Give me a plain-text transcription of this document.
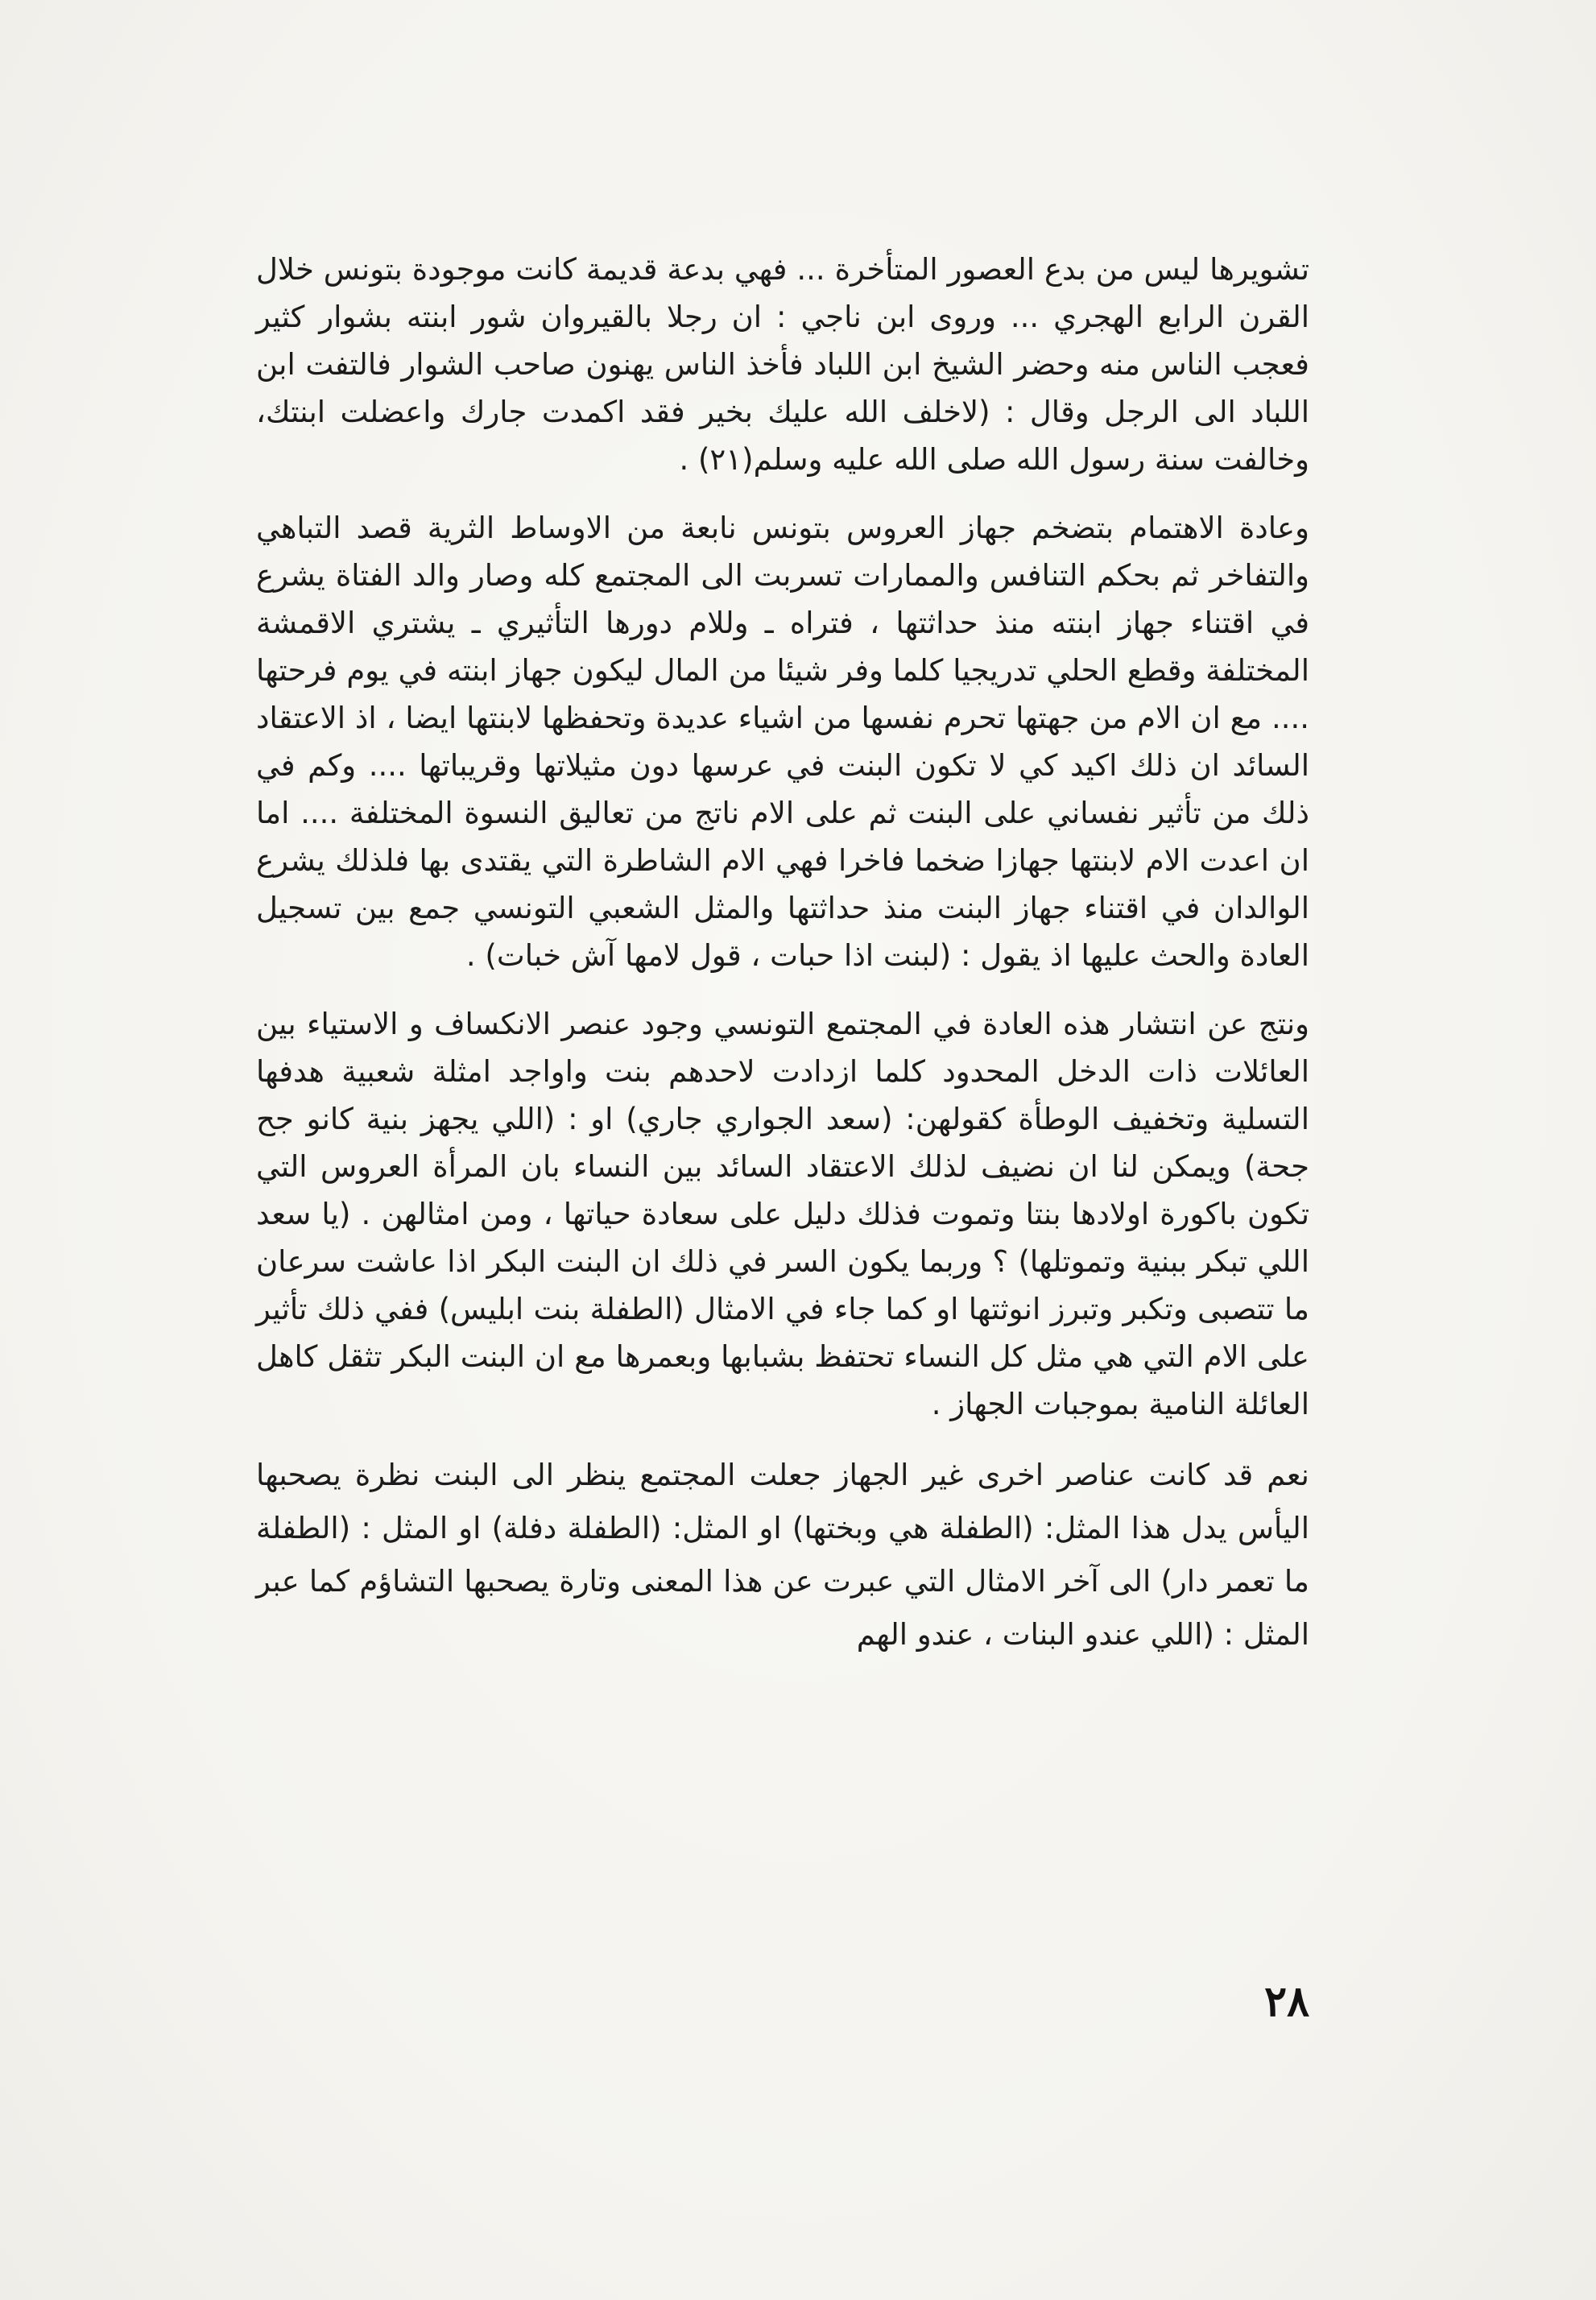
تشويرها ليس من بدع العصور المتأخرة ... فهي بدعة قديمة كانت موجودة بتونس خلال القرن الرابع الهجري ... وروى ابن ناجي : ان رجلا بالقيروان شور ابنته بشوار كثير فعجب الناس منه وحضر الشيخ ابن اللباد فأخذ الناس يهنون صاحب الشوار فالتفت ابن اللباد الى الرجل وقال : (لاخلف الله عليك بخير فقد اكمدت جارك واعضلت ابنتك، وخالفت سنة رسول الله صلى الله عليه وسلم(٢١) .

وعادة الاهتمام بتضخم جهاز العروس بتونس نابعة من الاوساط الثرية قصد التباهي والتفاخر ثم بحكم التنافس والممارات تسربت الى المجتمع كله وصار والد الفتاة يشرع في اقتناء جهاز ابنته منذ حداثتها ، فتراه ـ وللام دورها التأثيري ـ يشتري الاقمشة المختلفة وقطع الحلي تدريجيا كلما وفر شيئا من المال ليكون جهاز ابنته في يوم فرحتها .... مع ان الام من جهتها تحرم نفسها من اشياء عديدة وتحفظها لابنتها ايضا ، اذ الاعتقاد السائد ان ذلك اكيد كي لا تكون البنت في عرسها دون مثيلاتها وقريباتها .... وكم في ذلك من تأثير نفساني على البنت ثم على الام ناتج من تعاليق النسوة المختلفة .... اما ان اعدت الام لابنتها جهازا ضخما فاخرا فهي الام الشاطرة التي يقتدى بها فلذلك يشرع الوالدان في اقتناء جهاز البنت منذ حداثتها والمثل الشعبي التونسي جمع بين تسجيل العادة والحث عليها اذ يقول : (لبنت اذا حبات ، قول لامها آش خبات) .

ونتج عن انتشار هذه العادة في المجتمع التونسي وجود عنصر الانكساف و الاستياء بين العائلات ذات الدخل المحدود كلما ازدادت لاحدهم بنت واواجد امثلة شعبية هدفها التسلية وتخفيف الوطأة كقولهن: (سعد الجواري جاري) او : (اللي يجهز بنية كانو جح جحة) ويمكن لنا ان نضيف لذلك الاعتقاد السائد بين النساء بان المرأة العروس التي تكون باكورة اولادها بنتا وتموت فذلك دليل على سعادة حياتها ، ومن امثالهن . (يا سعد اللي تبكر ببنية وتموتلها) ؟ وربما يكون السر في ذلك ان البنت البكر اذا عاشت سرعان ما تتصبى وتكبر وتبرز انوثتها او كما جاء في الامثال (الطفلة بنت ابليس) ففي ذلك تأثير على الام التي هي مثل كل النساء تحتفظ بشبابها وبعمرها مع ان البنت البكر تثقل كاهل العائلة النامية بموجبات الجهاز .

نعم قد كانت عناصر اخرى غير الجهاز جعلت المجتمع ينظر الى البنت نظرة يصحبها اليأس يدل هذا المثل: (الطفلة هي وبختها) او المثل: (الطفلة دفلة) او المثل : (الطفلة ما تعمر دار) الى آخر الامثال التي عبرت عن هذا المعنى وتارة يصحبها التشاؤم كما عبر المثل : (اللي عندو البنات ، عندو الهم

٢٨
